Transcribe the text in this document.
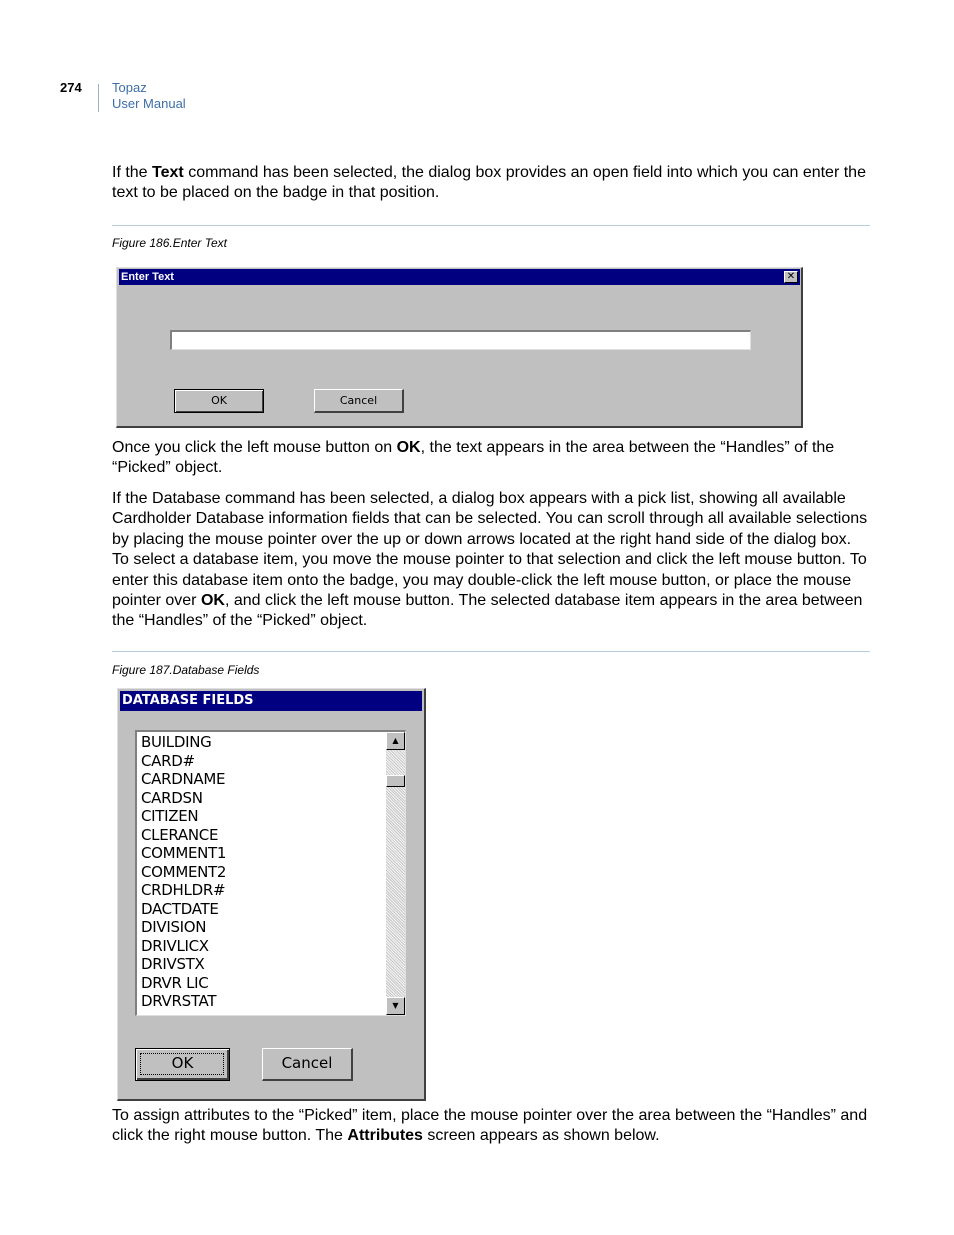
274 Topaz
User Manual
If the Text command has been selected, the dialog box provides an open field into which you can enter the text to be placed on the badge in that position.
Figure 186.Enter Text
Enter Text	✕
OK	Cancel
Once you click the left mouse button on OK, the text appears in the area between the “Handles” of the “Picked” object.
If the Database command has been selected, a dialog box appears with a pick list, showing all available Cardholder Database information fields that can be selected. You can scroll through all available selections by placing the mouse pointer over the up or down arrows located at the right hand side of the dialog box. To select a database item, you move the mouse pointer to that selection and click the left mouse button. To enter this database item onto the badge, you may double-click the left mouse button, or place the mouse pointer over OK, and click the left mouse button. The selected database item appears in the area between the “Handles” of the “Picked” object.
Figure 187.Database Fields
DATABASE FIELDS
BUILDING
CARD#
CARDNAME
CARDSN
CITIZEN
CLERANCE
COMMENT1
COMMENT2
CRDHLDR#
DACTDATE
DIVISION
DRIVLICX
DRIVSTX
DRVR LIC
DRVRSTAT
▲
▼
OK	Cancel
To assign attributes to the “Picked” item, place the mouse pointer over the area between the “Handles” and click the right mouse button. The Attributes screen appears as shown below.
